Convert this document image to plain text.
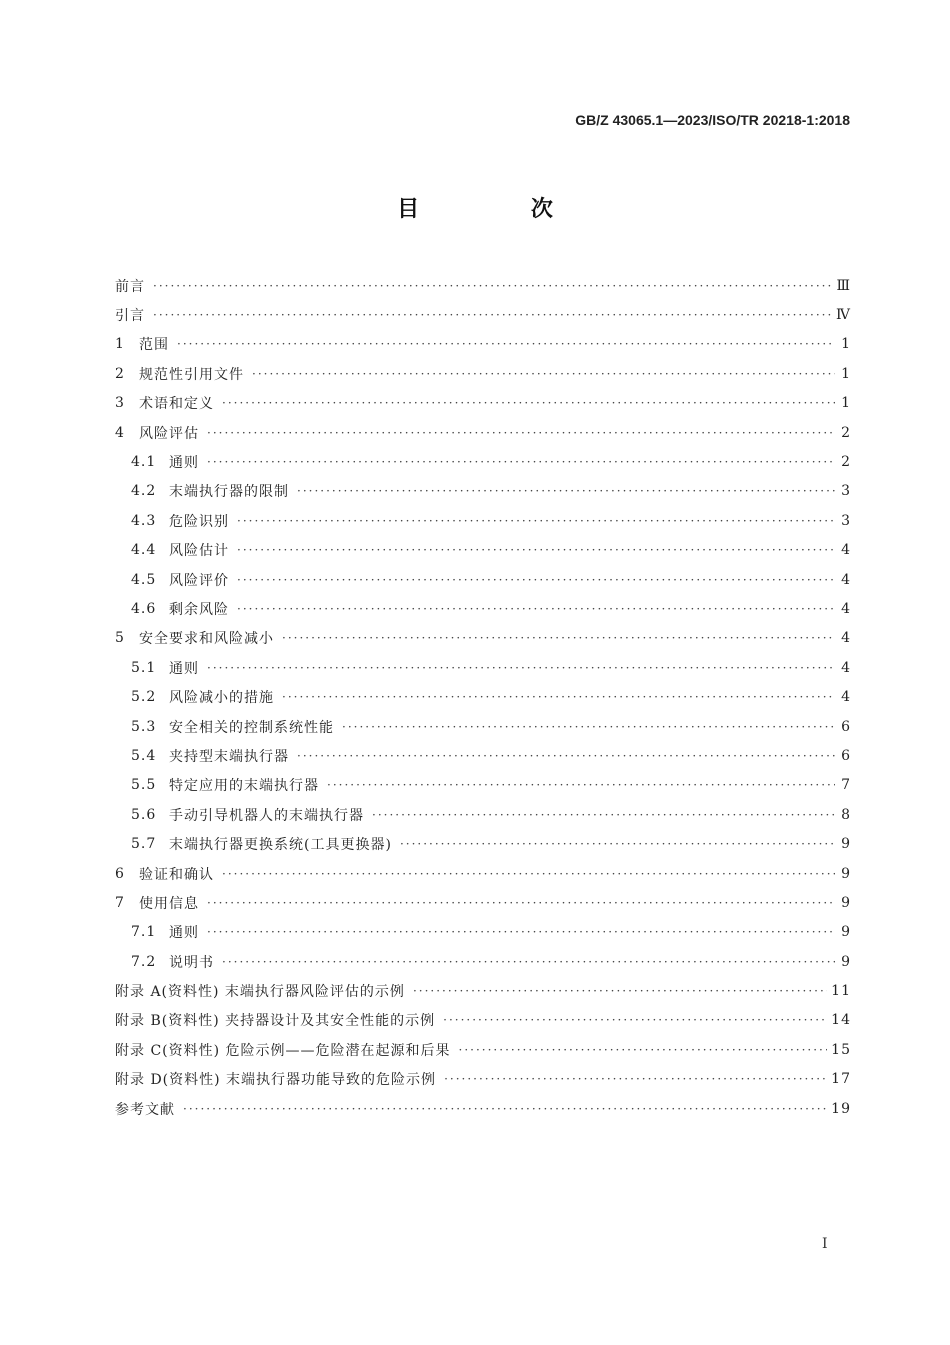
GB/Z 43065.1—2023/ISO/TR 20218-1:2018
目 次
前言 ·····	Ⅲ
引言 ·····	Ⅳ
1	范围 ·····	1
2	规范性引用文件 ·····	1
3	术语和定义 ·····	1
4	风险评估 ·····	2
4.1 通则 ·····	2
4.2 末端执行器的限制 ·····	3
4.3 危险识别 ·····	3
4.4 风险估计 ·····	4
4.5 风险评价 ·····	4
4.6 剩余风险 ·····	4
5	安全要求和风险减小 ·····	4
5.1 通则 ·····	4
5.2 风险减小的措施 ·····	4
5.3 安全相关的控制系统性能 ·····	6
5.4 夹持型末端执行器 ·····	6
5.5 特定应用的末端执行器 ·····	7
5.6 手动引导机器人的末端执行器 ·····	8
5.7 末端执行器更换系统(工具更换器) ·····	9
6	验证和确认 ·····	9
7	使用信息 ·····	9
7.1 通则 ·····	9
7.2 说明书 ·····	9
附录 A(资料性) 末端执行器风险评估的示例 ·····	11
附录 B(资料性) 夹持器设计及其安全性能的示例 ·····	14
附录 C(资料性) 危险示例——危险潜在起源和后果 ·····	15
附录 D(资料性) 末端执行器功能导致的危险示例 ·····	17
参考文献 ·····	19
I
